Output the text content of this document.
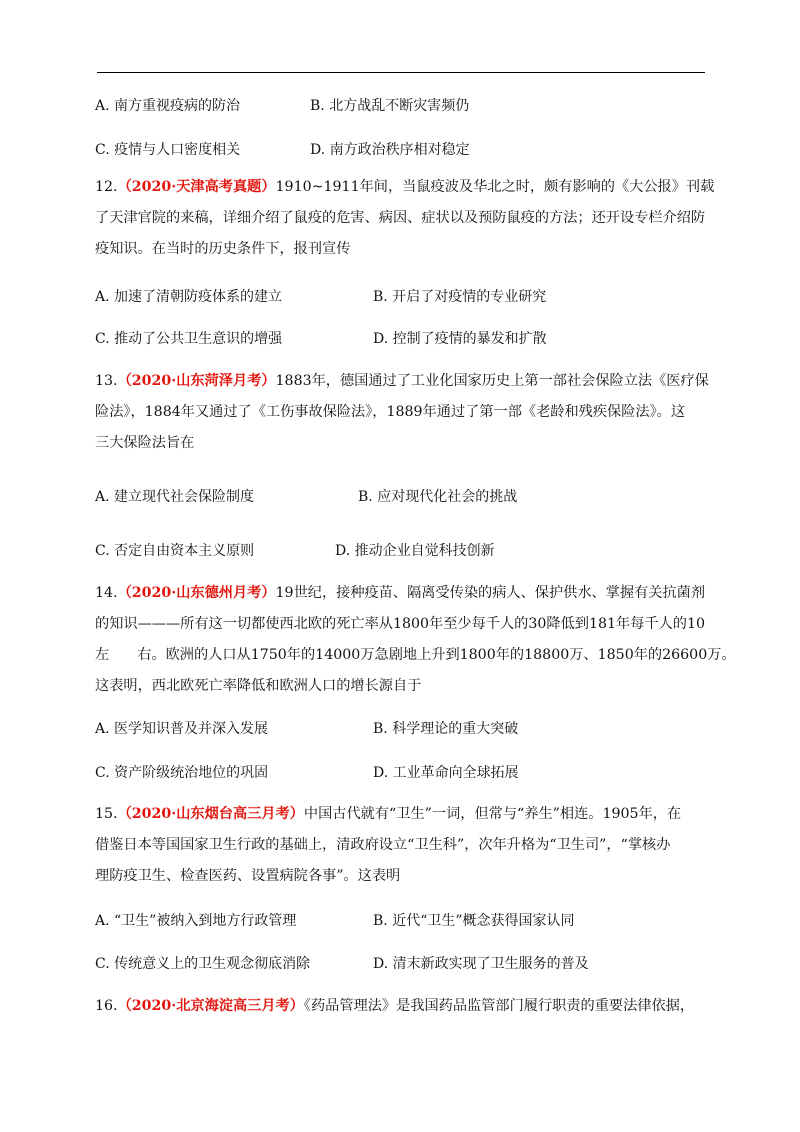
A. 南方重视疫病的防治	B. 北方战乱不断灾害频仍
C. 疫情与人口密度相关	D. 南方政治秩序相对稳定
12.（2020·天津高考真题）1910~1911年间，当鼠疫波及华北之时，颇有影响的《大公报》刊载
了天津官院的来稿，详细介绍了鼠疫的危害、病因、症状以及预防鼠疫的方法；还开设专栏介绍防
疫知识。在当时的历史条件下，报刊宣传
A. 加速了清朝防疫体系的建立	B. 开启了对疫情的专业研究
C. 推动了公共卫生意识的增强	D. 控制了疫情的暴发和扩散
13.（2020·山东菏泽月考）1883年，德国通过了工业化国家历史上第一部社会保险立法《医疗保
险法》，1884年又通过了《工伤事故保险法》，1889年通过了第一部《老龄和残疾保险法》。这
三大保险法旨在
A. 建立现代社会保险制度	B. 应对现代化社会的挑战
C. 否定自由资本主义原则	D. 推动企业自觉科技创新
14.（2020·山东德州月考）19世纪，接种疫苗、隔离受传染的病人、保护供水、掌握有关抗菌剂
的知识———所有这一切都使西北欧的死亡率从1800年至少每千人的30降低到181年每千人的10
左 右。欧洲的人口从1750年的14000万急剧地上升到1800年的18800万、1850年的26600万。
这表明，西北欧死亡率降低和欧洲人口的增长源自于
A. 医学知识普及并深入发展	B. 科学理论的重大突破
C. 资产阶级统治地位的巩固	D. 工业革命向全球拓展
15.（2020·山东烟台高三月考）中国古代就有“卫生”一词，但常与“养生”相连。1905年，在
借鉴日本等国国家卫生行政的基础上，清政府设立“卫生科”，次年升格为“卫生司”，“掌核办
理防疫卫生、检查医药、设置病院各事”。这表明
A. “卫生”被纳入到地方行政管理	B. 近代“卫生”概念获得国家认同
C. 传统意义上的卫生观念彻底消除	D. 清末新政实现了卫生服务的普及
16.（2020·北京海淀高三月考）《药品管理法》是我国药品监管部门履行职责的重要法律依据，
